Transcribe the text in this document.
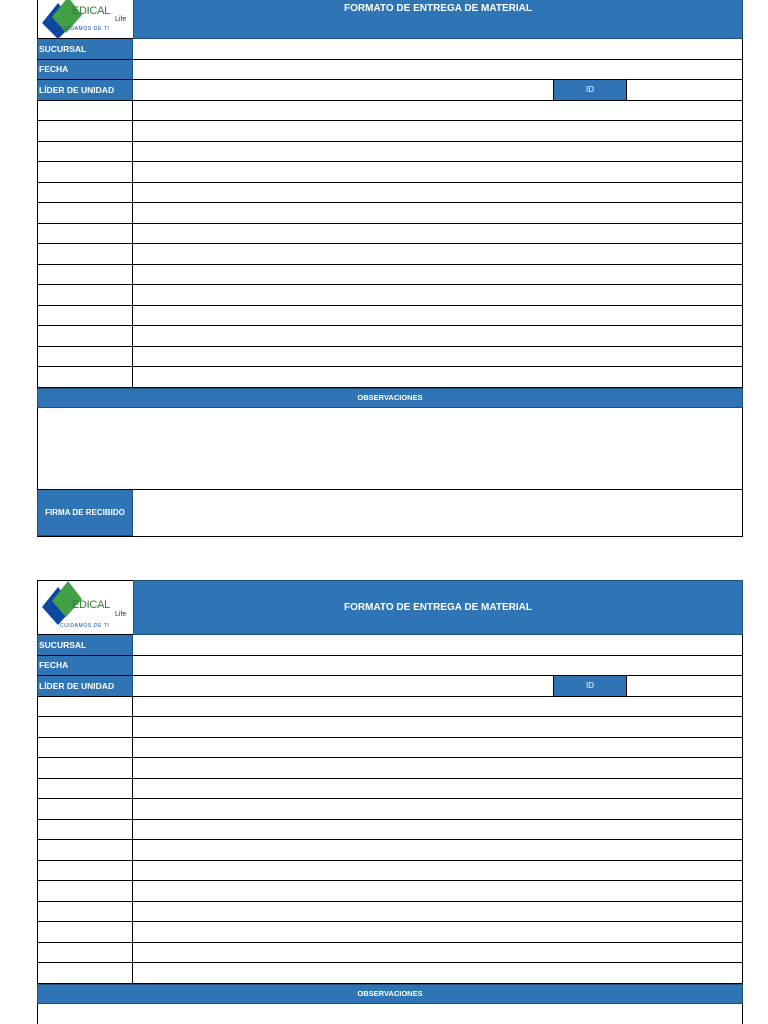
EDICAL
Life
CUIDAMOS DE TI
FORMATO DE ENTREGA DE MATERIAL
SUCURSAL
FECHA
LÍDER DE UNIDAD	ID
OBSERVACIONES
FIRMA DE RECIBIDO
EDICAL
Life
CUIDAMOS DE TI
FORMATO DE ENTREGA DE MATERIAL
SUCURSAL
FECHA
LÍDER DE UNIDAD	ID
OBSERVACIONES
